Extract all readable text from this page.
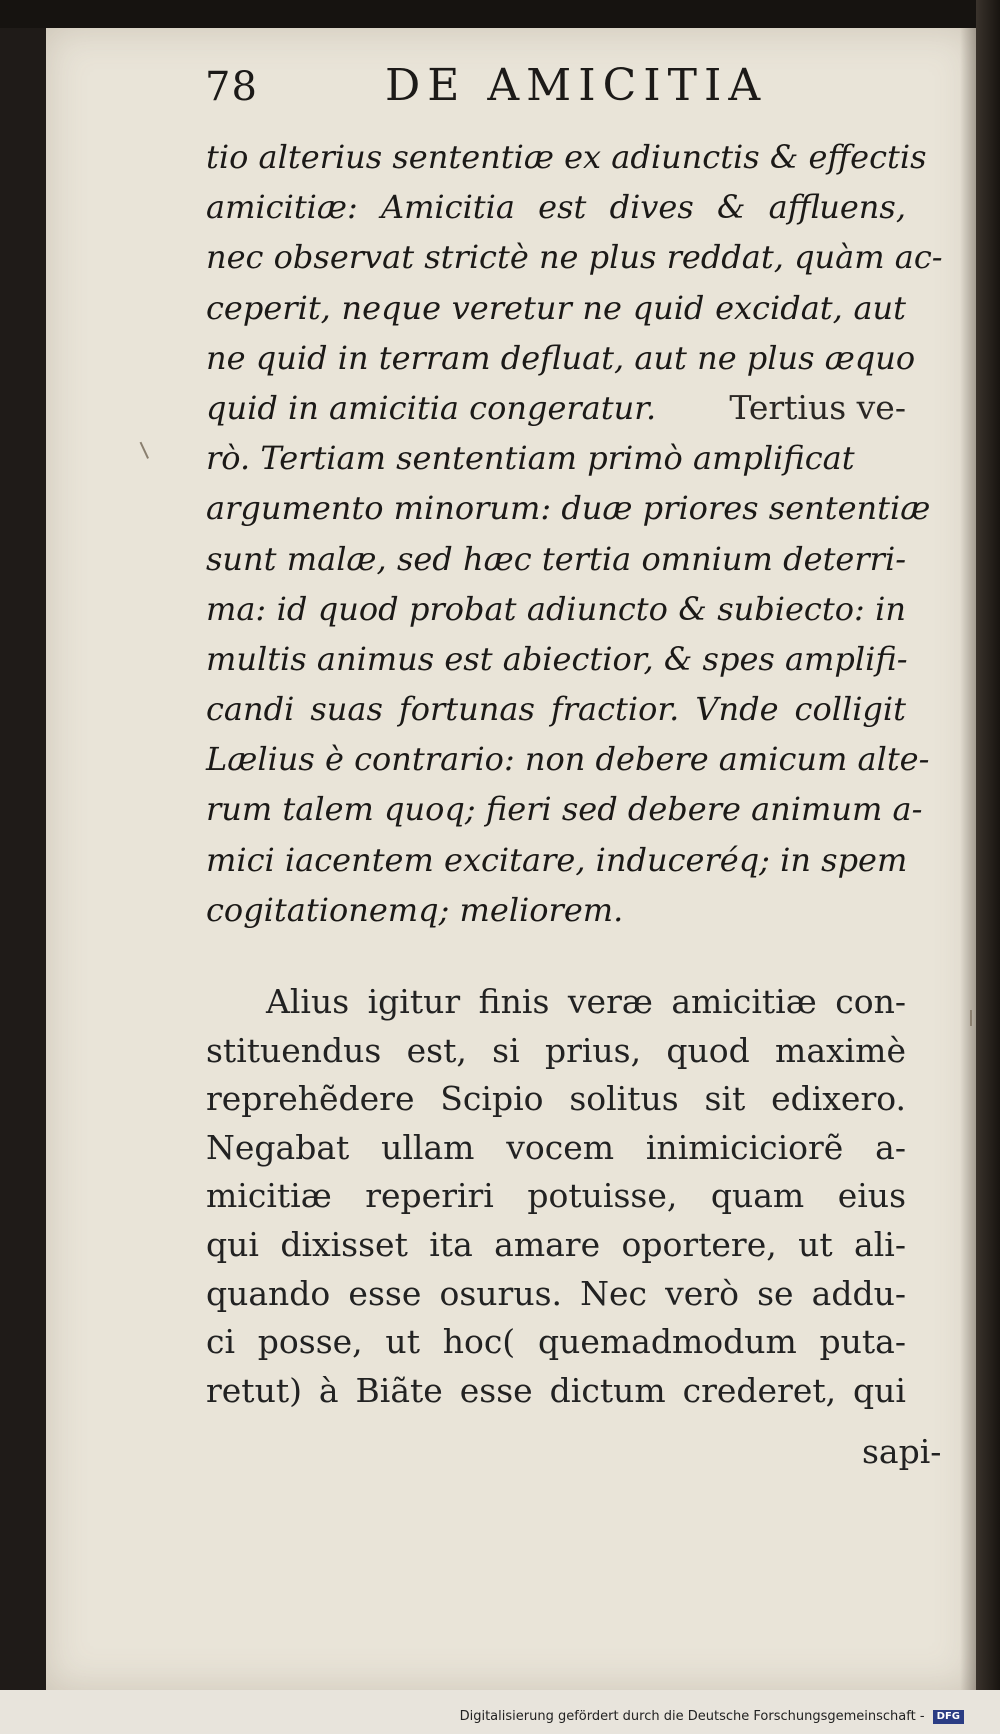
78	DE AMICITIA
tio alterius sententiæ ex adiunctis & effectis
amicitiæ: Amicitia est dives & affluens,
nec observat strictè ne plus reddat, quàm ac-
ceperit, neque veretur ne quid excidat, aut
ne quid in terram defluat, aut ne plus æquo
quid in amicitia congeratur. Tertius ve-
rò. Tertiam sententiam primò amplificat
argumento minorum: duæ priores sententiæ
sunt malæ, sed hæc tertia omnium deterri-
ma: id quod probat adiuncto & subiecto: in
multis animus est abiectior, & spes amplifi-
candi suas fortunas fractior. Vnde colligit
Lælius è contrario: non debere amicum alte-
rum talem quoq; fieri sed debere animum a-
mici iacentem excitare, induceréq; in spem
cogitationemq; meliorem.
Alius igitur finis veræ amicitiæ con-
stituendus est, si prius, quod maximè
reprehẽdere Scipio solitus sit edixero.
Negabat ullam vocem inimiciciorẽ a-
micitiæ reperiri potuisse, quam eius
qui dixisset ita amare oportere, ut ali-
quando esse osurus. Nec verò se addu-
ci posse, ut hoc( quemadmodum puta-
retut) à Biãte esse dictum crederet, qui
sapi-
Digitalisierung gefördert durch die Deutsche Forschungsgemeinschaft - DFG
